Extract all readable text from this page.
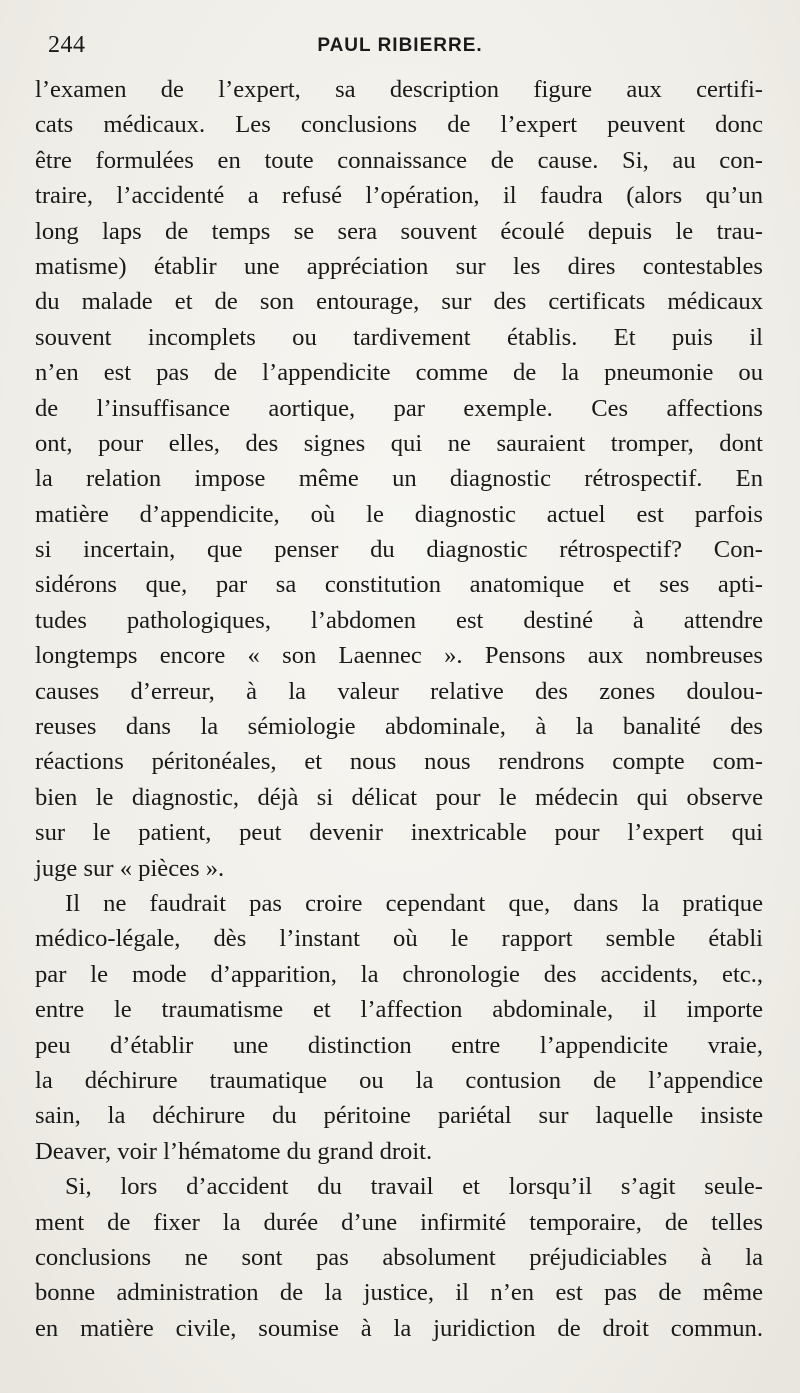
244	PAUL RIBIERRE.
l’examen de l’expert, sa description figure aux certifi-
cats médicaux. Les conclusions de l’expert peuvent donc
être formulées en toute connaissance de cause. Si, au con-
traire, l’accidenté a refusé l’opération, il faudra (alors qu’un
long laps de temps se sera souvent écoulé depuis le trau-
matisme) établir une appréciation sur les dires contestables
du malade et de son entourage, sur des certificats médicaux
souvent incomplets ou tardivement établis. Et puis il
n’en est pas de l’appendicite comme de la pneumonie ou
de l’insuffisance aortique, par exemple. Ces affections
ont, pour elles, des signes qui ne sauraient tromper, dont
la relation impose même un diagnostic rétrospectif. En
matière d’appendicite, où le diagnostic actuel est parfois
si incertain, que penser du diagnostic rétrospectif? Con-
sidérons que, par sa constitution anatomique et ses apti-
tudes pathologiques, l’abdomen est destiné à attendre
longtemps encore « son Laennec ». Pensons aux nombreuses
causes d’erreur, à la valeur relative des zones doulou-
reuses dans la sémiologie abdominale, à la banalité des
réactions péritonéales, et nous nous rendrons compte com-
bien le diagnostic, déjà si délicat pour le médecin qui observe
sur le patient, peut devenir inextricable pour l’expert qui
juge sur « pièces ».
Il ne faudrait pas croire cependant que, dans la pratique
médico-légale, dès l’instant où le rapport semble établi
par le mode d’apparition, la chronologie des accidents, etc.,
entre le traumatisme et l’affection abdominale, il importe
peu d’établir une distinction entre l’appendicite vraie,
la déchirure traumatique ou la contusion de l’appendice
sain, la déchirure du péritoine pariétal sur laquelle insiste
Deaver, voir l’hématome du grand droit.
Si, lors d’accident du travail et lorsqu’il s’agit seule-
ment de fixer la durée d’une infirmité temporaire, de telles
conclusions ne sont pas absolument préjudiciables à la
bonne administration de la justice, il n’en est pas de même
en matière civile, soumise à la juridiction de droit commun.
